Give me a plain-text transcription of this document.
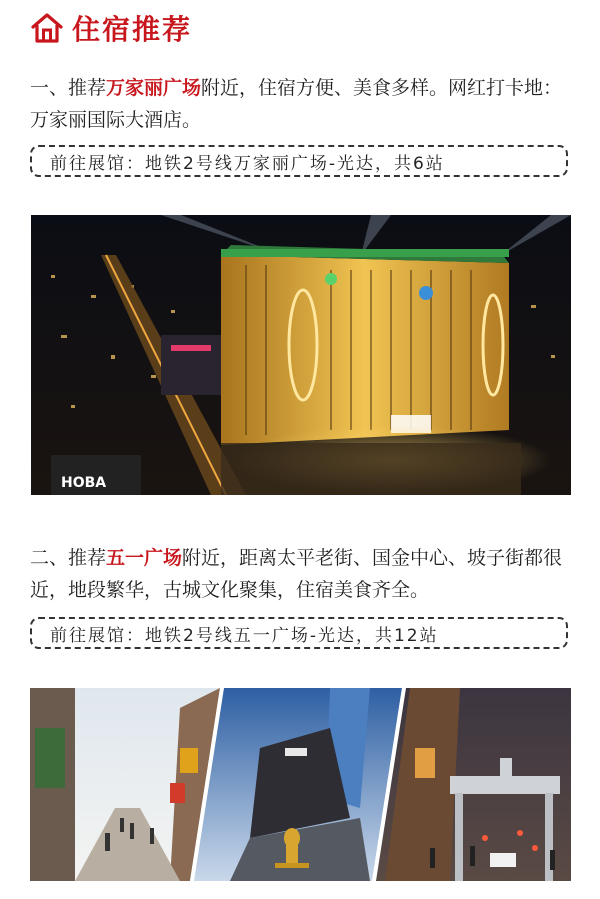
住宿推荐
一、推荐万家丽广场附近，住宿方便、美食多样。网红打卡地：万家丽国际大酒店。
前往展馆：地铁2号线万家丽广场-光达，共6站
HOBA
二、推荐五一广场附近，距离太平老街、国金中心、坡子街都很近，地段繁华，古城文化聚集，住宿美食齐全。
前往展馆：地铁2号线五一广场-光达，共12站
